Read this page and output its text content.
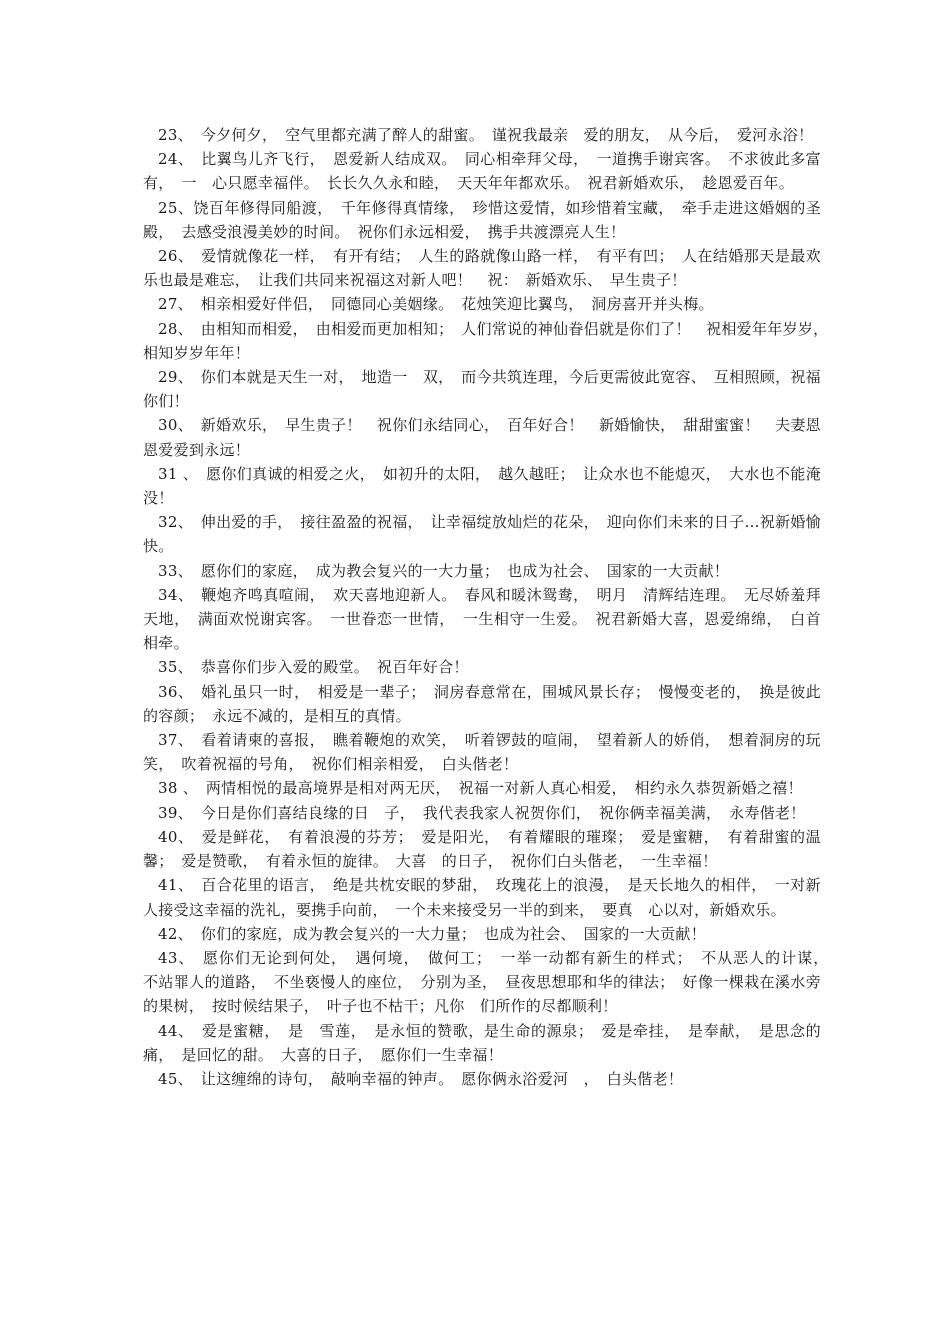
23、　今夕何夕，　空气里都充满了醉人的甜蜜。　谨祝我最亲　爱的朋友，　从今后，　爱河永浴！

24、　比翼鸟儿齐飞行，　恩爱新人结成双。　同心相牵拜父母，　一道携手谢宾客。　不求彼此多富有，　一　心只愿幸福伴。　长长久久永和睦，　天天年年都欢乐。　祝君新婚欢乐，　趁恩爱百年。

25、饶百年修得同船渡，　千年修得真情缘，　珍惜这爱情，如珍惜着宝藏，　牵手走进这婚姻的圣殿，　去感受浪漫美妙的时间。　祝你们永远相爱，　携手共渡漂亮人生！

26、　爱情就像花一样，　有开有结；　人生的路就像山路一样，　有平有凹；　人在结婚那天是最欢乐也最是难忘，　让我们共同来祝福这对新人吧！　祝：　新婚欢乐、　早生贵子！

27、　相亲相爱好伴侣，　同德同心美姻缘。　花烛笑迎比翼鸟，　洞房喜开并头梅。

28、　由相知而相爱，　由相爱而更加相知；　人们常说的神仙眷侣就是你们了！　祝相爱年年岁岁，　相知岁岁年年！

29、　你们本就是天生一对，　地造一　双，　而今共筑连理，今后更需彼此宽容、　互相照顾，祝福你们！

30、　新婚欢乐，　早生贵子！　祝你们永结同心，　百年好合！　新婚愉快，　甜甜蜜蜜！　夫妻恩恩爱爱到永远！

31 、　愿你们真诚的相爱之火，　如初升的太阳，　越久越旺；　让众水也不能熄灭，　大水也不能淹没！

32、　伸出爱的手，　接往盈盈的祝福，　让幸福绽放灿烂的花朵，　迎向你们未来的日子…祝新婚愉快。

33、　愿你们的家庭，　成为教会复兴的一大力量；　也成为社会、　国家的一大贡献！

34、　鞭炮齐鸣真喧闹，　欢天喜地迎新人。　春风和暖沐鸳鸯，　明月　清辉结连理。　无尽娇羞拜天地，　满面欢悦谢宾客。　一世眷恋一世情，　一生相守一生爱。　祝君新婚大喜，恩爱绵绵，　白首相牵。

35、　恭喜你们步入爱的殿堂。　祝百年好合！

36、　婚礼虽只一时，　相爱是一辈子；　洞房春意常在，围城风景长存；　慢慢变老的，　换是彼此的容颜；　永远不减的，是相互的真情。

37、　看着请柬的喜报，　瞧着鞭炮的欢笑，　听着锣鼓的喧闹，　望着新人的娇俏，　想着洞房的玩笑，　吹着祝福的号角，　祝你们相亲相爱，　白头偕老！

38 、　两情相悦的最高境界是相对两无厌，　祝福一对新人真心相爱，　相约永久恭贺新婚之禧！

39、　今日是你们喜结良缘的日　子，　我代表我家人祝贺你们，　祝你俩幸福美满，　永寿偕老！

40、　爱是鲜花，　有着浪漫的芬芳；　爱是阳光，　有着耀眼的璀璨；　爱是蜜糖，　有着甜蜜的温馨；　爱是赞歌，　有着永恒的旋律。　大喜　的日子，　祝你们白头偕老，　一生幸福！

41、　百合花里的语言，　绝是共枕安眠的梦甜，　玫瑰花上的浪漫，　是天长地久的相伴，　一对新人接受这幸福的洗礼，要携手向前，　一个未来接受另一半的到来，　要真　心以对，新婚欢乐。

42、　你们的家庭，成为教会复兴的一大力量；　也成为社会、　国家的一大贡献！

43、　愿你们无论到何处，　遇何境，　做何工；　一举一动都有新生的样式；　不从恶人的计谋，　不站罪人的道路，　不坐亵慢人的座位，　分别为圣，　昼夜思想耶和华的律法；　好像一棵栽在溪水旁的果树，　按时候结果子，　叶子也不枯干；凡你　们所作的尽都顺利！

44、　爱是蜜糖，　是　雪莲，　是永恒的赞歌，是生命的源泉；　爱是牵挂，　是奉献，　是思念的痛，　是回忆的甜。　大喜的日子，　愿你们一生幸福！

45、　让这缠绵的诗句，　敲响幸福的钟声。　愿你俩永浴爱河　，　白头偕老！
